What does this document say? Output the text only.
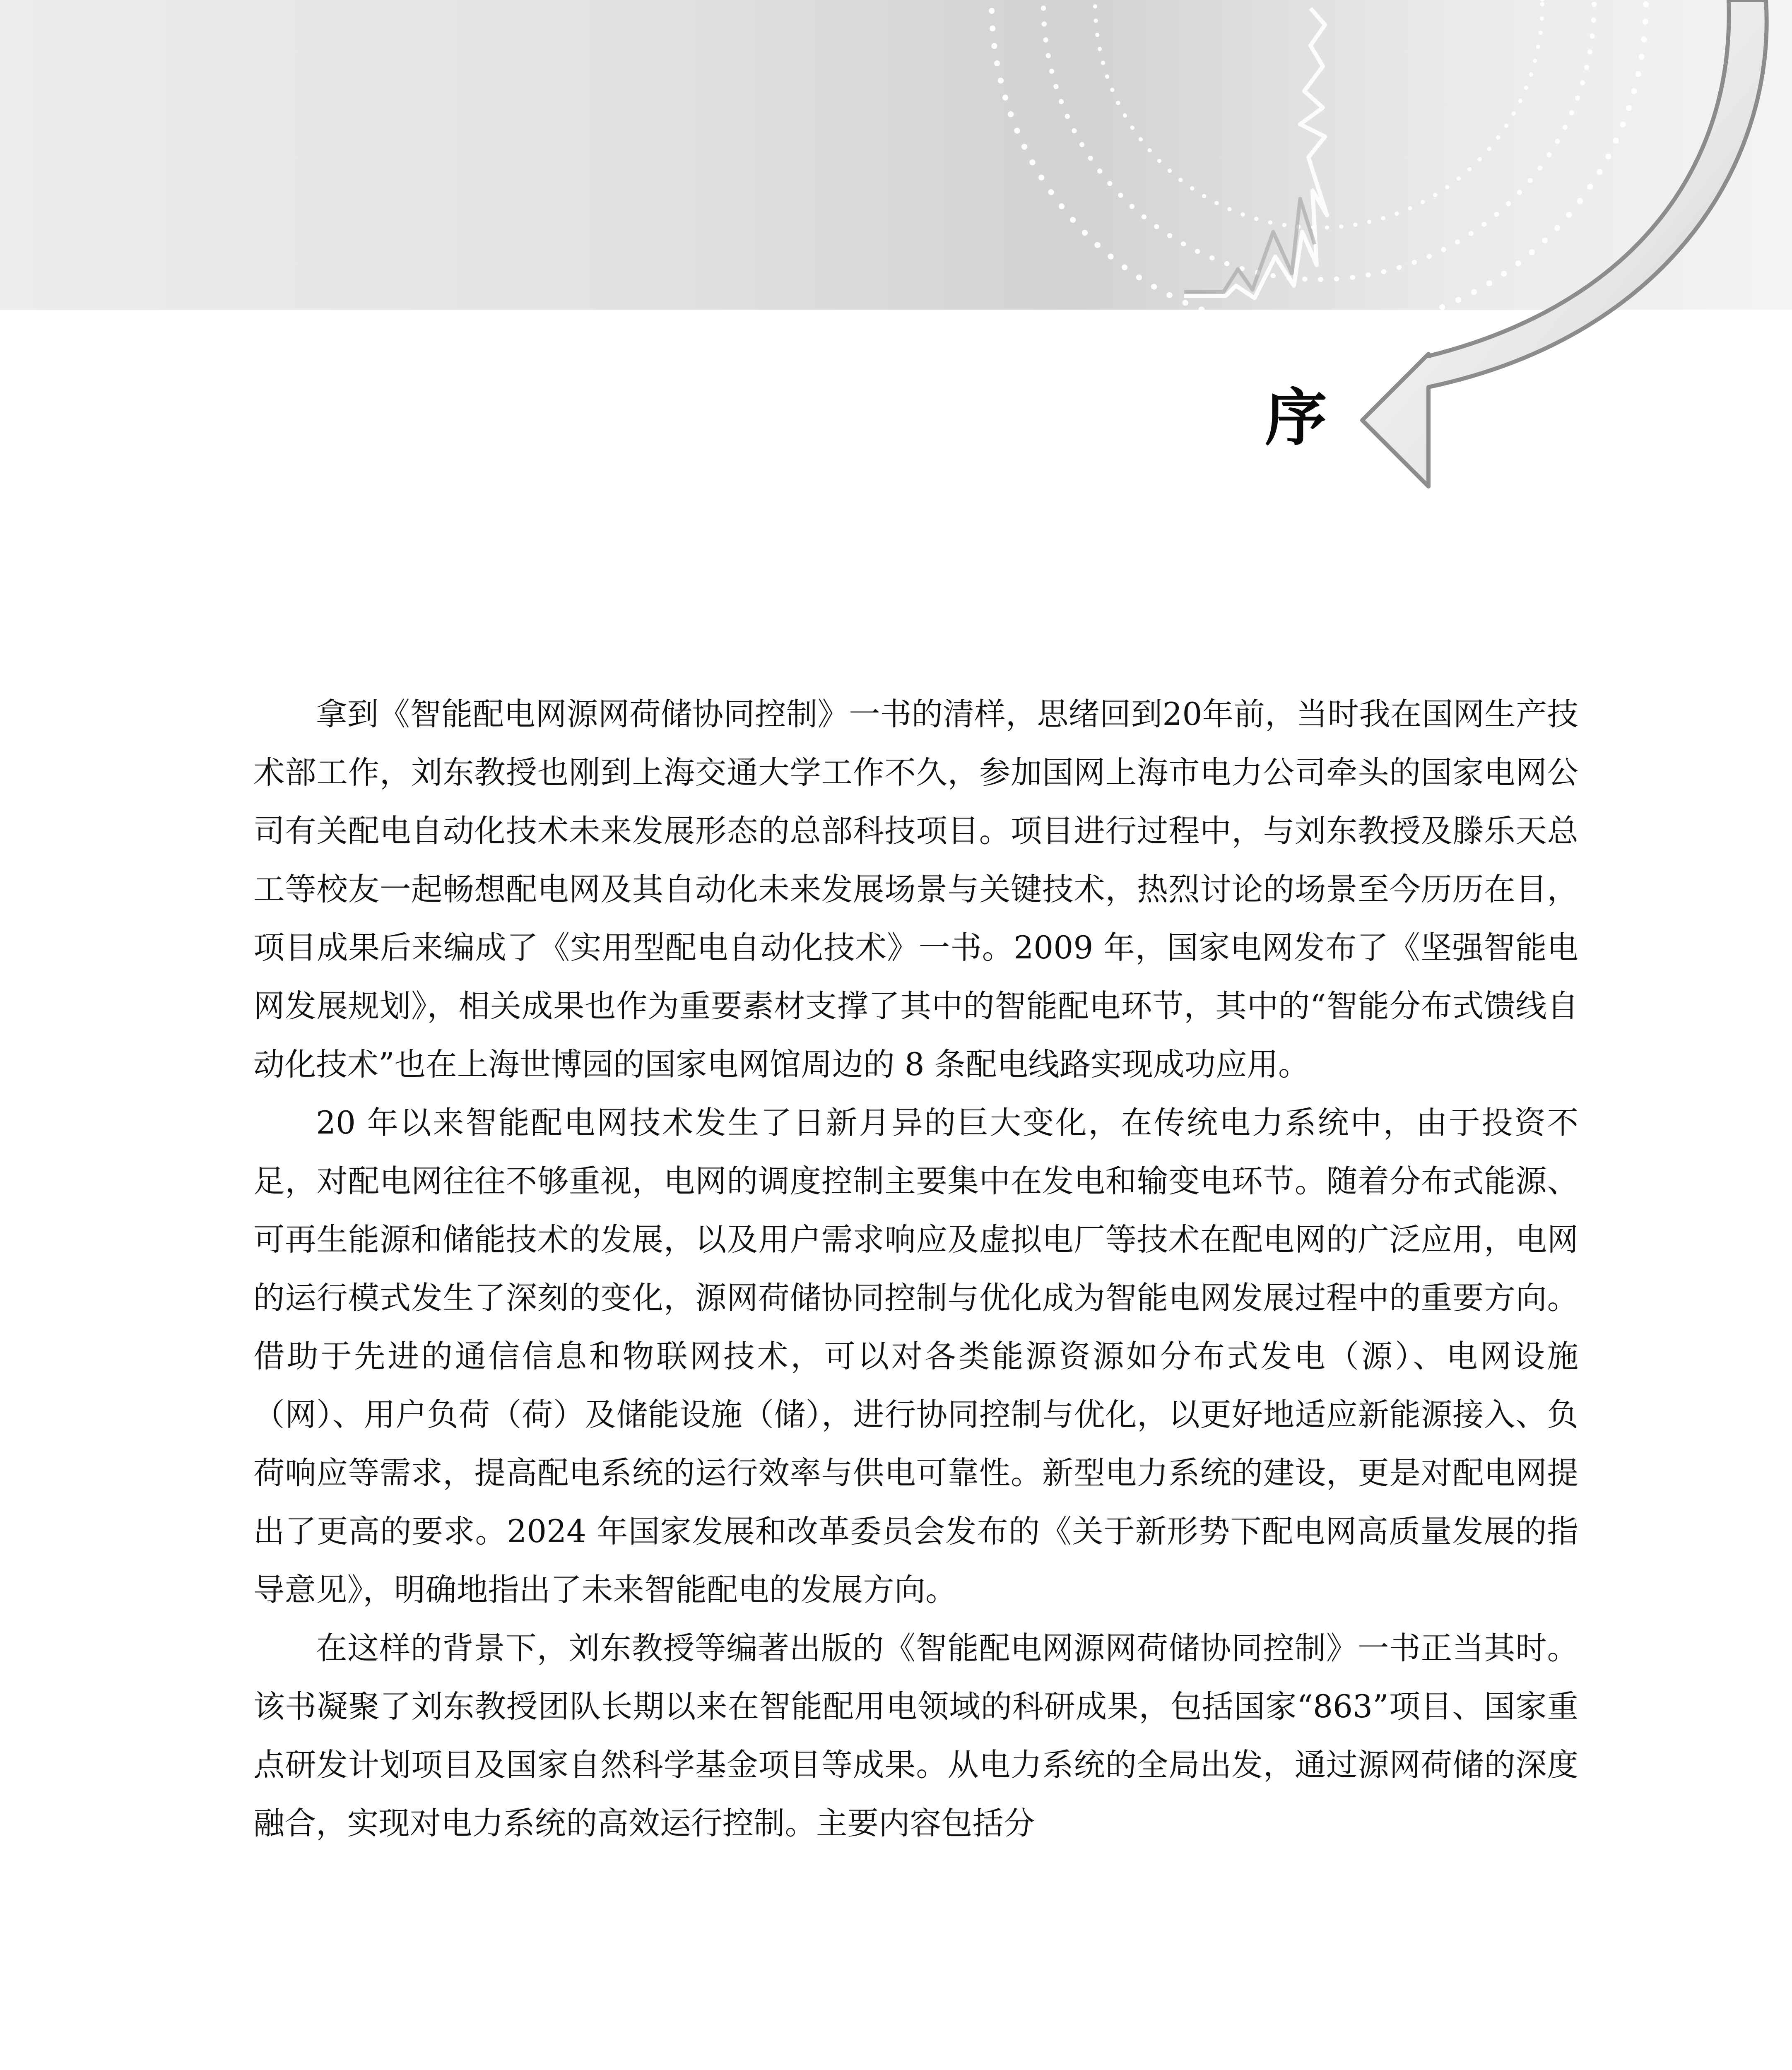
序

拿到《智能配电网源网荷储协同控制》一书的清样，思绪回到20年前，当时我在国网生产技术部工作，刘东教授也刚到上海交通大学工作不久，参加国网上海市电力公司牵头的国家电网公司有关配电自动化技术未来发展形态的总部科技项目。项目进行过程中，与刘东教授及滕乐天总工等校友一起畅想配电网及其自动化未来发展场景与关键技术，热烈讨论的场景至今历历在目，项目成果后来编成了《实用型配电自动化技术》一书。2009 年，国家电网发布了《坚强智能电网发展规划》，相关成果也作为重要素材支撑了其中的智能配电环节，其中的“智能分布式馈线自动化技术”也在上海世博园的国家电网馆周边的 8 条配电线路实现成功应用。

20 年以来智能配电网技术发生了日新月异的巨大变化，在传统电力系统中，由于投资不足，对配电网往往不够重视，电网的调度控制主要集中在发电和输变电环节。随着分布式能源、可再生能源和储能技术的发展，以及用户需求响应及虚拟电厂等技术在配电网的广泛应用，电网的运行模式发生了深刻的变化，源网荷储协同控制与优化成为智能电网发展过程中的重要方向。借助于先进的通信信息和物联网技术，可以对各类能源资源如分布式发电（源）、电网设施（网）、用户负荷（荷）及储能设施（储），进行协同控制与优化，以更好地适应新能源接入、负荷响应等需求，提高配电系统的运行效率与供电可靠性。新型电力系统的建设，更是对配电网提出了更高的要求。2024 年国家发展和改革委员会发布的《关于新形势下配电网高质量发展的指导意见》，明确地指出了未来智能配电的发展方向。

在这样的背景下，刘东教授等编著出版的《智能配电网源网荷储协同控制》一书正当其时。该书凝聚了刘东教授团队长期以来在智能配用电领域的科研成果，包括国家“863”项目、国家重点研发计划项目及国家自然科学基金项目等成果。从电力系统的全局出发，通过源网荷储的深度融合，实现对电力系统的高效运行控制。主要内容包括分
